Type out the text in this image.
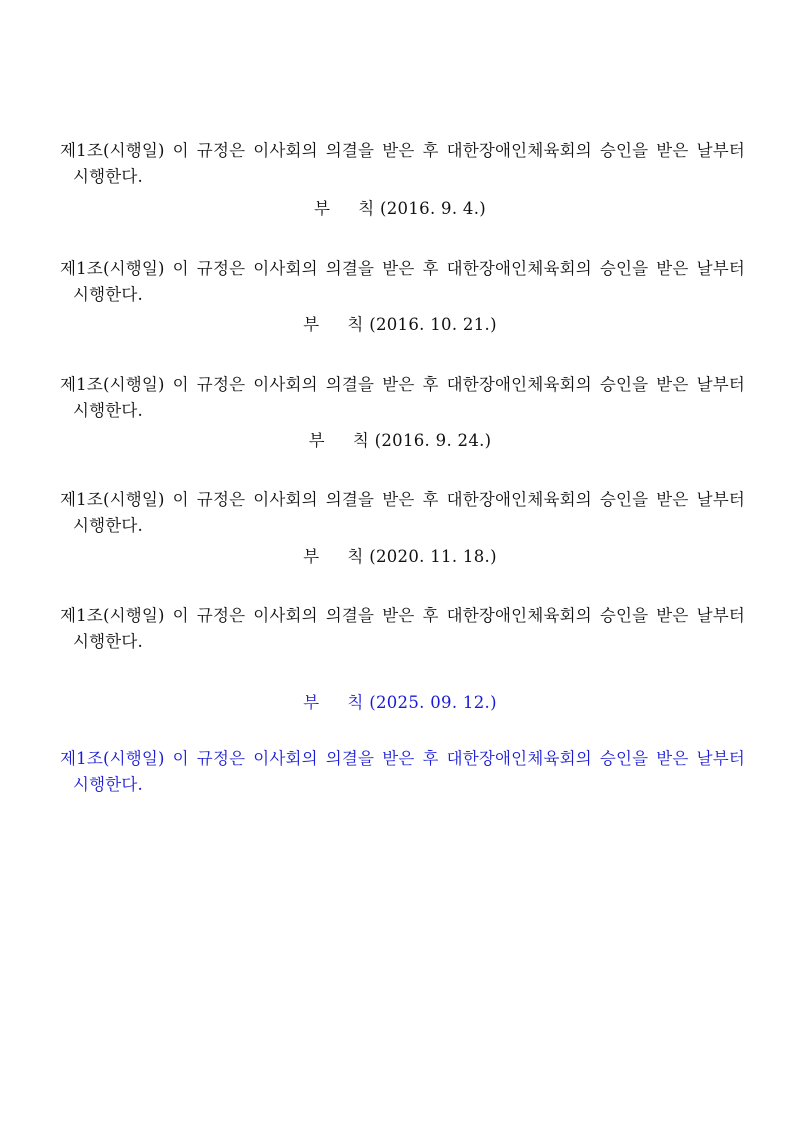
제1조(시행일) 이 규정은 이사회의 의결을 받은 후 대한장애인체육회의 승인을 받은 날부터
시행한다.
부 칙 (2016. 9. 4.)
제1조(시행일) 이 규정은 이사회의 의결을 받은 후 대한장애인체육회의 승인을 받은 날부터
시행한다.
부 칙 (2016. 10. 21.)
제1조(시행일) 이 규정은 이사회의 의결을 받은 후 대한장애인체육회의 승인을 받은 날부터
시행한다.
부 칙 (2016. 9. 24.)
제1조(시행일) 이 규정은 이사회의 의결을 받은 후 대한장애인체육회의 승인을 받은 날부터
시행한다.
부 칙 (2020. 11. 18.)
제1조(시행일) 이 규정은 이사회의 의결을 받은 후 대한장애인체육회의 승인을 받은 날부터
시행한다.
부 칙 (2025. 09. 12.)
제1조(시행일) 이 규정은 이사회의 의결을 받은 후 대한장애인체육회의 승인을 받은 날부터
시행한다.
